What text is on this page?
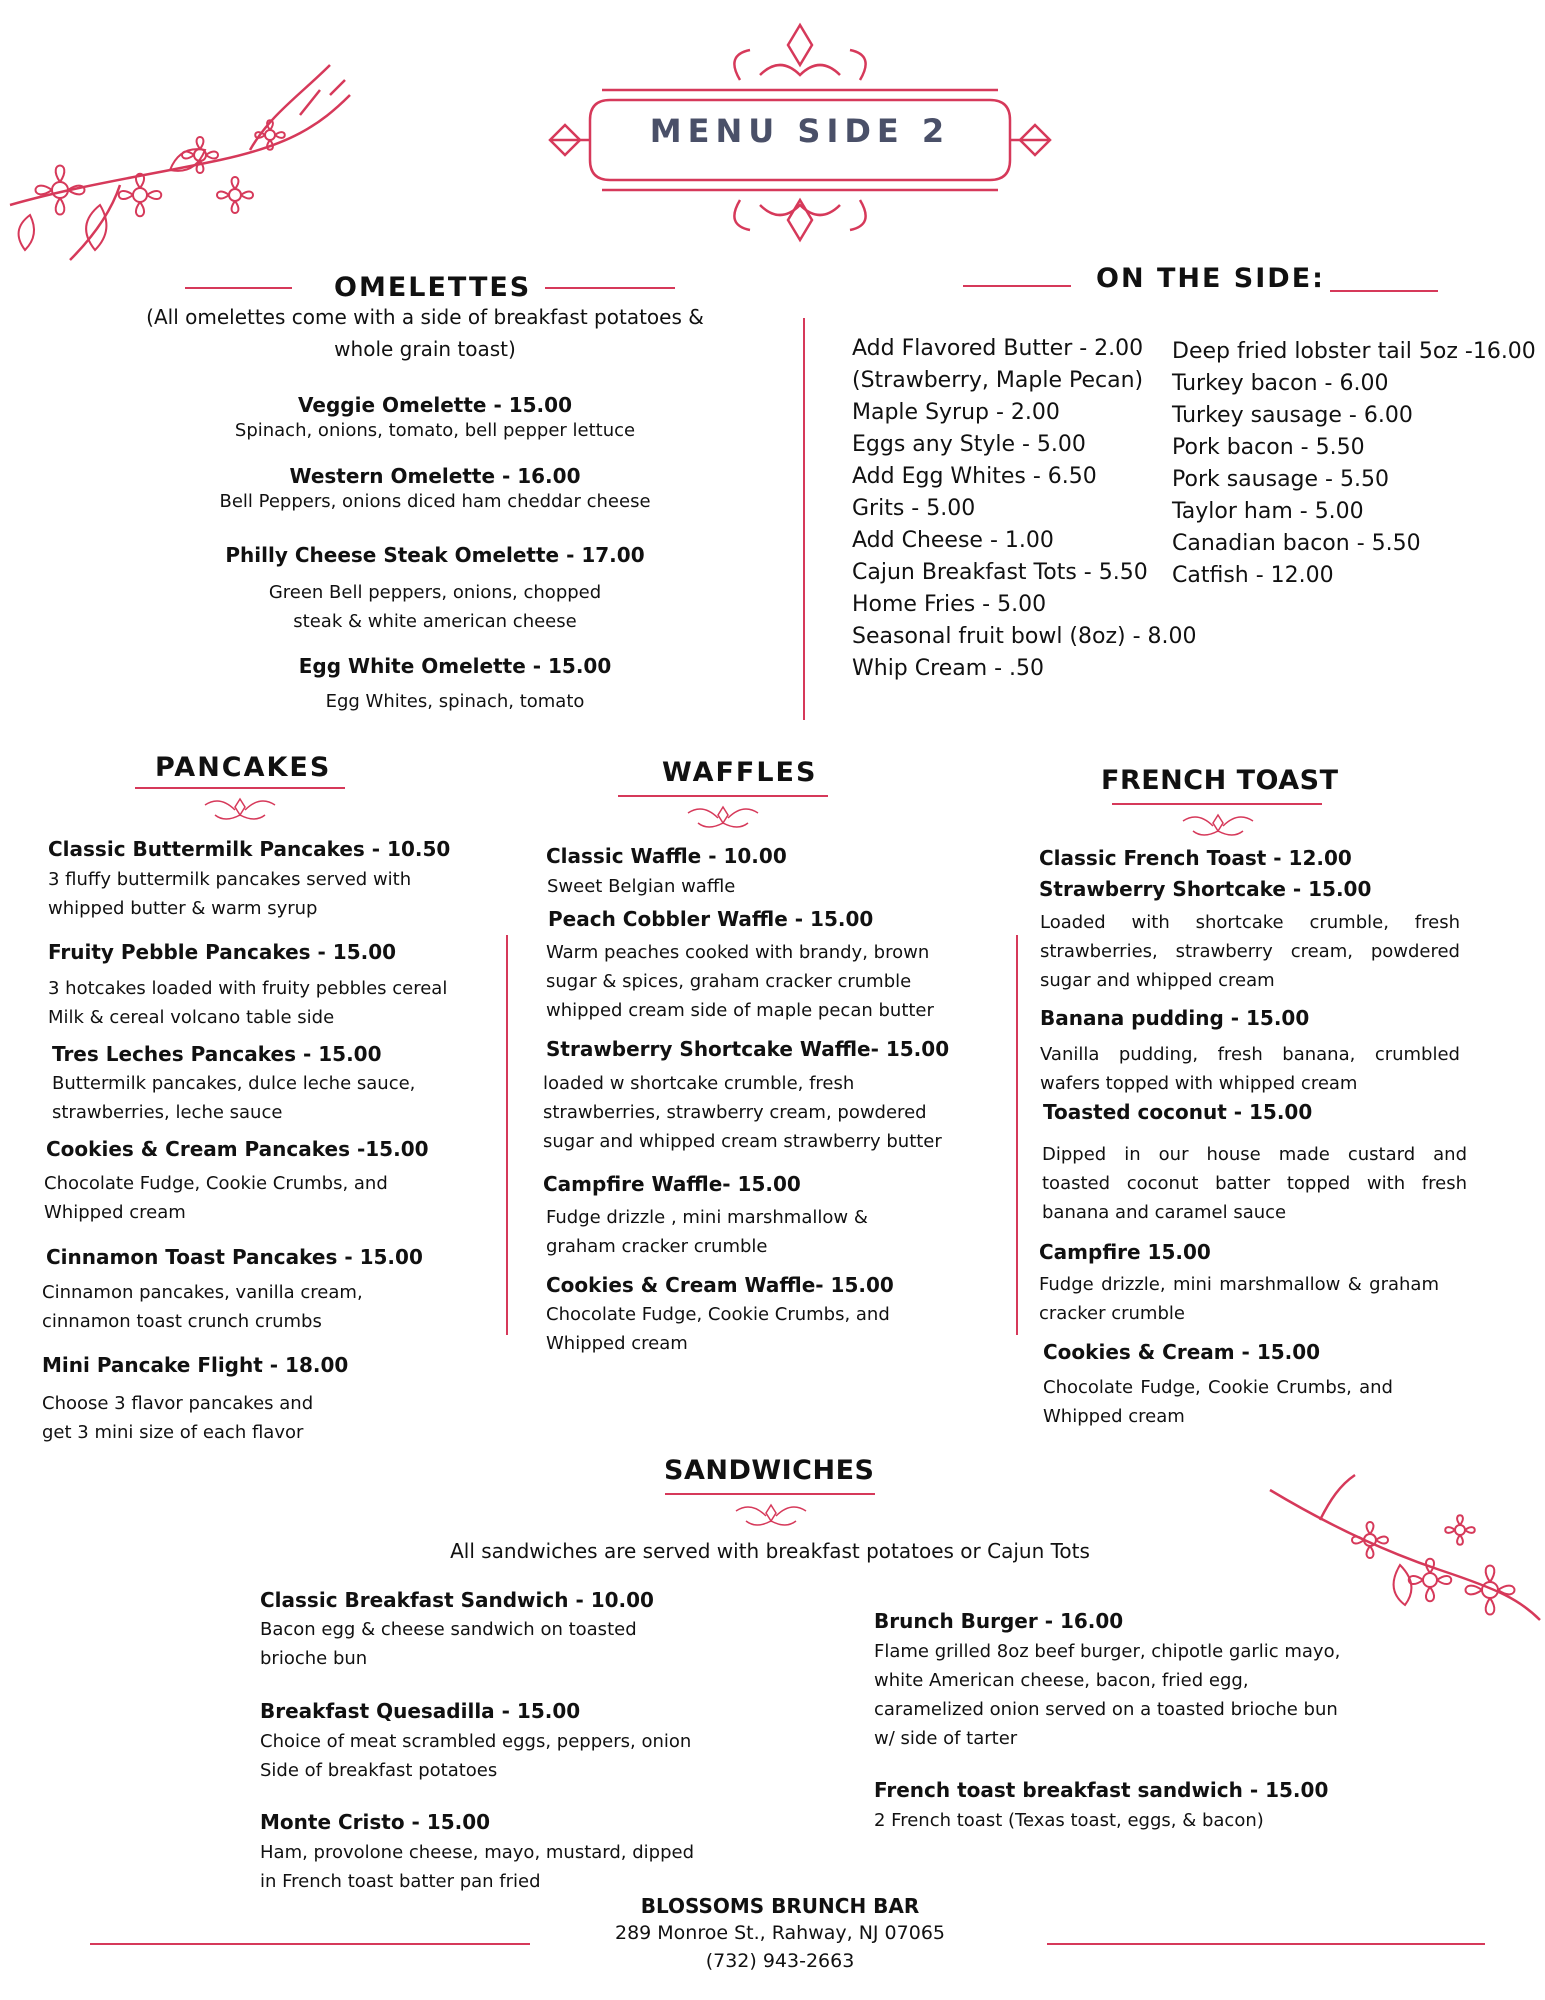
MENU SIDE 2
OMELETTES
(All omelettes come with a side of breakfast potatoes &
whole grain toast)
Veggie Omelette - 15.00
Spinach, onions, tomato, bell pepper lettuce
Western Omelette - 16.00
Bell Peppers, onions diced ham cheddar cheese
Philly Cheese Steak Omelette - 17.00
Green Bell peppers, onions, chopped
steak & white american cheese
Egg White Omelette - 15.00
Egg Whites, spinach, tomato
ON THE SIDE:
Add Flavored Butter - 2.00
(Strawberry, Maple Pecan)
Maple Syrup - 2.00
Eggs any Style - 5.00
Add Egg Whites - 6.50
Grits - 5.00
Add Cheese - 1.00
Cajun Breakfast Tots - 5.50
Home Fries - 5.00
Seasonal fruit bowl (8oz) - 8.00
Whip Cream - .50
Deep fried lobster tail 5oz -16.00
Turkey bacon - 6.00
Turkey sausage - 6.00
Pork bacon - 5.50
Pork sausage - 5.50
Taylor ham - 5.00
Canadian bacon - 5.50
Catfish - 12.00
PANCAKES
Classic Buttermilk Pancakes - 10.50
3 fluffy buttermilk pancakes served with
whipped butter & warm syrup
Fruity Pebble Pancakes - 15.00
3 hotcakes loaded with fruity pebbles cereal
Milk & cereal volcano table side
Tres Leches Pancakes - 15.00
Buttermilk pancakes, dulce leche sauce,
strawberries, leche sauce
Cookies & Cream Pancakes -15.00
Chocolate Fudge, Cookie Crumbs, and
Whipped cream
Cinnamon Toast Pancakes - 15.00
Cinnamon pancakes, vanilla cream,
cinnamon toast crunch crumbs
Mini Pancake Flight - 18.00
Choose 3 flavor pancakes and
get 3 mini size of each flavor
WAFFLES
Classic Waffle - 10.00
Sweet Belgian waffle
Peach Cobbler Waffle - 15.00
Warm peaches cooked with brandy, brown
sugar & spices, graham cracker crumble
whipped cream side of maple pecan butter
Strawberry Shortcake Waffle- 15.00
loaded w shortcake crumble, fresh
strawberries, strawberry cream, powdered
sugar and whipped cream strawberry butter
Campfire Waffle- 15.00
Fudge drizzle , mini marshmallow &
graham cracker crumble
Cookies & Cream Waffle- 15.00
Chocolate Fudge, Cookie Crumbs, and
Whipped cream
FRENCH TOAST
Classic French Toast - 12.00
Strawberry Shortcake - 15.00
Loaded with shortcake crumble, fresh strawberries, strawberry cream, powdered sugar and whipped cream
Banana pudding - 15.00
Vanilla pudding, fresh banana, crumbled wafers topped with whipped cream
Toasted coconut - 15.00
Dipped in our house made custard and toasted coconut batter topped with fresh banana and caramel sauce
Campfire 15.00
Fudge drizzle, mini marshmallow & graham cracker crumble
Cookies & Cream - 15.00
Chocolate Fudge, Cookie Crumbs, and Whipped cream
SANDWICHES
All sandwiches are served with breakfast potatoes or Cajun Tots
Classic Breakfast Sandwich - 10.00
Bacon egg & cheese sandwich on toasted
brioche bun
Breakfast Quesadilla - 15.00
Choice of meat scrambled eggs, peppers, onion
Side of breakfast potatoes
Monte Cristo - 15.00
Ham, provolone cheese, mayo, mustard, dipped
in French toast batter pan fried
Brunch Burger - 16.00
Flame grilled 8oz beef burger, chipotle garlic mayo,
white American cheese, bacon, fried egg,
caramelized onion served on a toasted brioche bun
w/ side of tarter
French toast breakfast sandwich - 15.00
2 French toast (Texas toast, eggs, & bacon)
BLOSSOMS BRUNCH BAR
289 Monroe St., Rahway, NJ 07065
(732) 943-2663
